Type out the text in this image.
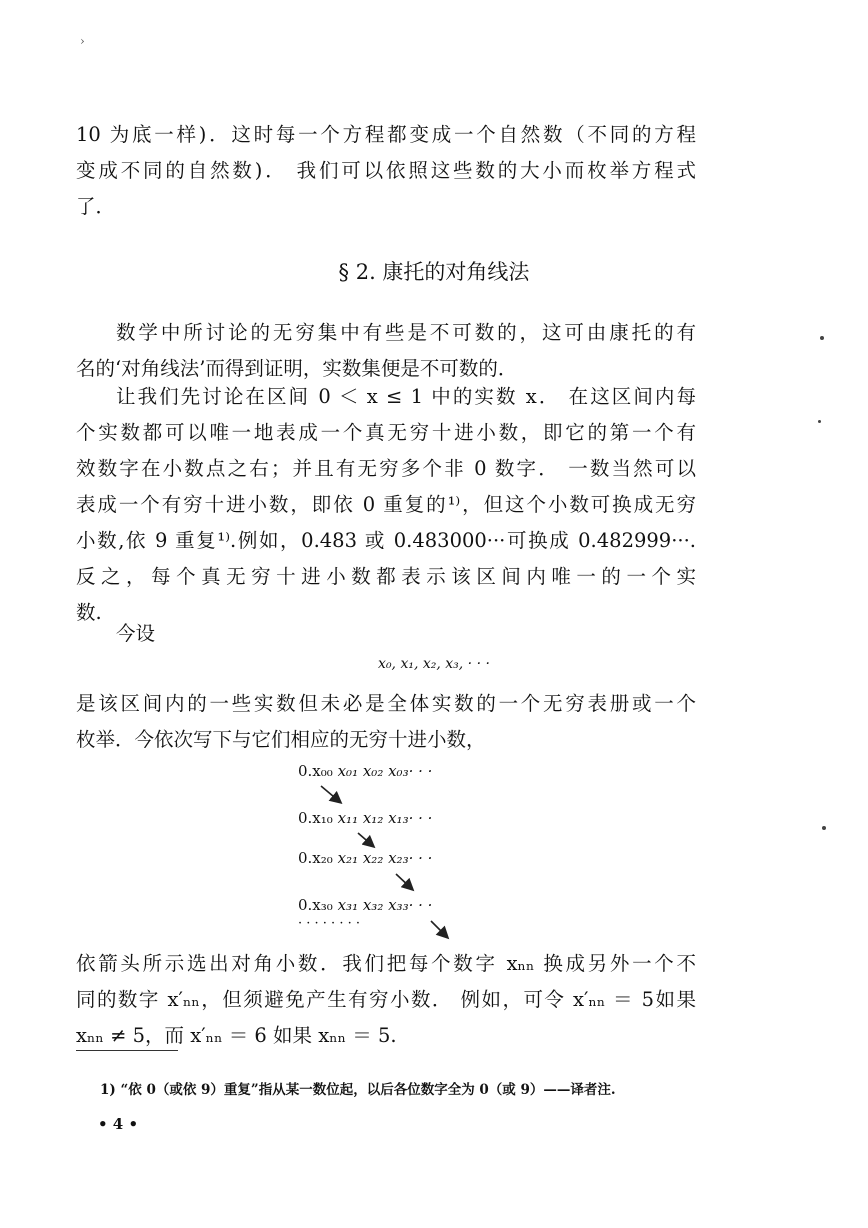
›
10 为底一样)．这时每一个方程都变成一个自然数（不同的方程
变成不同的自然数)． 我们可以依照这些数的大小而枚举方程式
了．
§ 2. 康托的对角线法
数学中所讨论的无穷集中有些是不可数的，这可由康托的有
名的‘对角线法’而得到证明，实数集便是不可数的．
让我们先讨论在区间 0 ＜ x ≤ 1 中的实数 x． 在这区间内每
个实数都可以唯一地表成一个真无穷十进小数，即它的第一个有
效数字在小数点之右；并且有无穷多个非 0 数字． 一数当然可以
表成一个有穷十进小数，即依 0 重复的¹⁾，但这个小数可换成无穷
小数,依 9 重复¹⁾.例如，0.483 或 0.483000···可换成 0.482999···.
反之，每个真无穷十进小数都表示该区间内唯一的一个实
数.
今设
x₀, x₁, x₂, x₃, · · ·
是该区间内的一些实数但未必是全体实数的一个无穷表册或一个
枚举．今依次写下与它们相应的无穷十进小数，
0.x₀₀ x₀₁ x₀₂ x₀₃· · ·
0.x₁₀ x₁₁ x₁₂ x₁₃· · ·
0.x₂₀ x₂₁ x₂₂ x₂₃· · ·
0.x₃₀ x₃₁ x₃₂ x₃₃· · ·
· · · · · · · ·
依箭头所示选出对角小数．我们把每个数字 xₙₙ 换成另外一个不
同的数字 x′ₙₙ，但须避免产生有穷小数． 例如，可令 x′ₙₙ ＝ 5如果
xₙₙ ≠ 5，而 x′ₙₙ ＝ 6 如果 xₙₙ ＝ 5.
1) “依 0（或依 9）重复”指从某一数位起，以后各位数字全为 0（或 9）——译者注.
• 4 •
